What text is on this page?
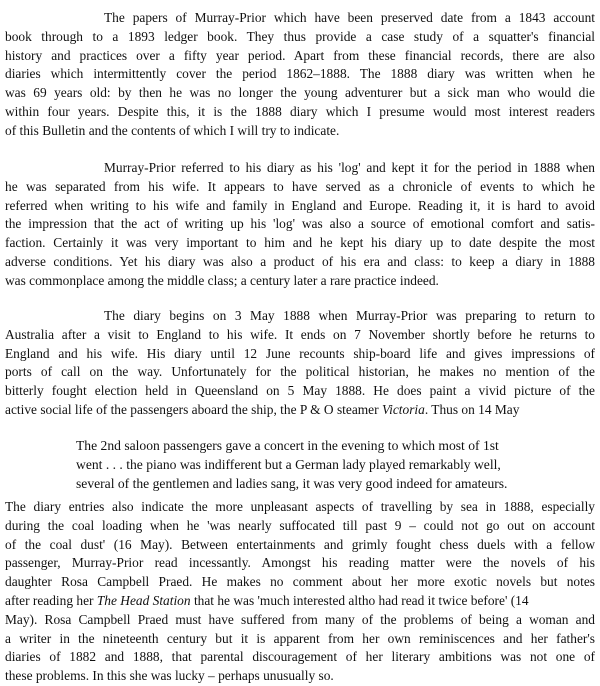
The papers of Murray-Prior which have been preserved date from a 1843 account
book through to a 1893 ledger book. They thus provide a case study of a squatter's financial
history and practices over a fifty year period. Apart from these financial records, there are also
diaries which intermittently cover the period 1862–1888. The 1888 diary was written when he
was 69 years old: by then he was no longer the young adventurer but a sick man who would die
within four years. Despite this, it is the 1888 diary which I presume would most interest readers
of this Bulletin and the contents of which I will try to indicate.
Murray-Prior referred to his diary as his 'log' and kept it for the period in 1888 when
he was separated from his wife. It appears to have served as a chronicle of events to which he
referred when writing to his wife and family in England and Europe. Reading it, it is hard to avoid
the impression that the act of writing up his 'log' was also a source of emotional comfort and satis-
faction. Certainly it was very important to him and he kept his diary up to date despite the most
adverse conditions. Yet his diary was also a product of his era and class: to keep a diary in 1888
was commonplace among the middle class; a century later a rare practice indeed.
The diary begins on 3 May 1888 when Murray-Prior was preparing to return to
Australia after a visit to England to his wife. It ends on 7 November shortly before he returns to
England and his wife. His diary until 12 June recounts ship-board life and gives impressions of
ports of call on the way. Unfortunately for the political historian, he makes no mention of the
bitterly fought election held in Queensland on 5 May 1888. He does paint a vivid picture of the
active social life of the passengers aboard the ship, the P & O steamer Victoria. Thus on 14 May
The 2nd saloon passengers gave a concert in the evening to which most of 1st
went . . . the piano was indifferent but a German lady played remarkably well,
several of the gentlemen and ladies sang, it was very good indeed for amateurs.
The diary entries also indicate the more unpleasant aspects of travelling by sea in 1888, especially
during the coal loading when he 'was nearly suffocated till past 9 – could not go out on account
of the coal dust' (16 May). Between entertainments and grimly fought chess duels with a fellow
passenger, Murray-Prior read incessantly. Amongst his reading matter were the novels of his
daughter Rosa Campbell Praed. He makes no comment about her more exotic novels but notes
after reading her The Head Station that he was 'much interested altho had read it twice before' (14
May). Rosa Campbell Praed must have suffered from many of the problems of being a woman and
a writer in the nineteenth century but it is apparent from her own reminiscences and her father's
diaries of 1882 and 1888, that parental discouragement of her literary ambitions was not one of
these problems. In this she was lucky – perhaps unusually so.
